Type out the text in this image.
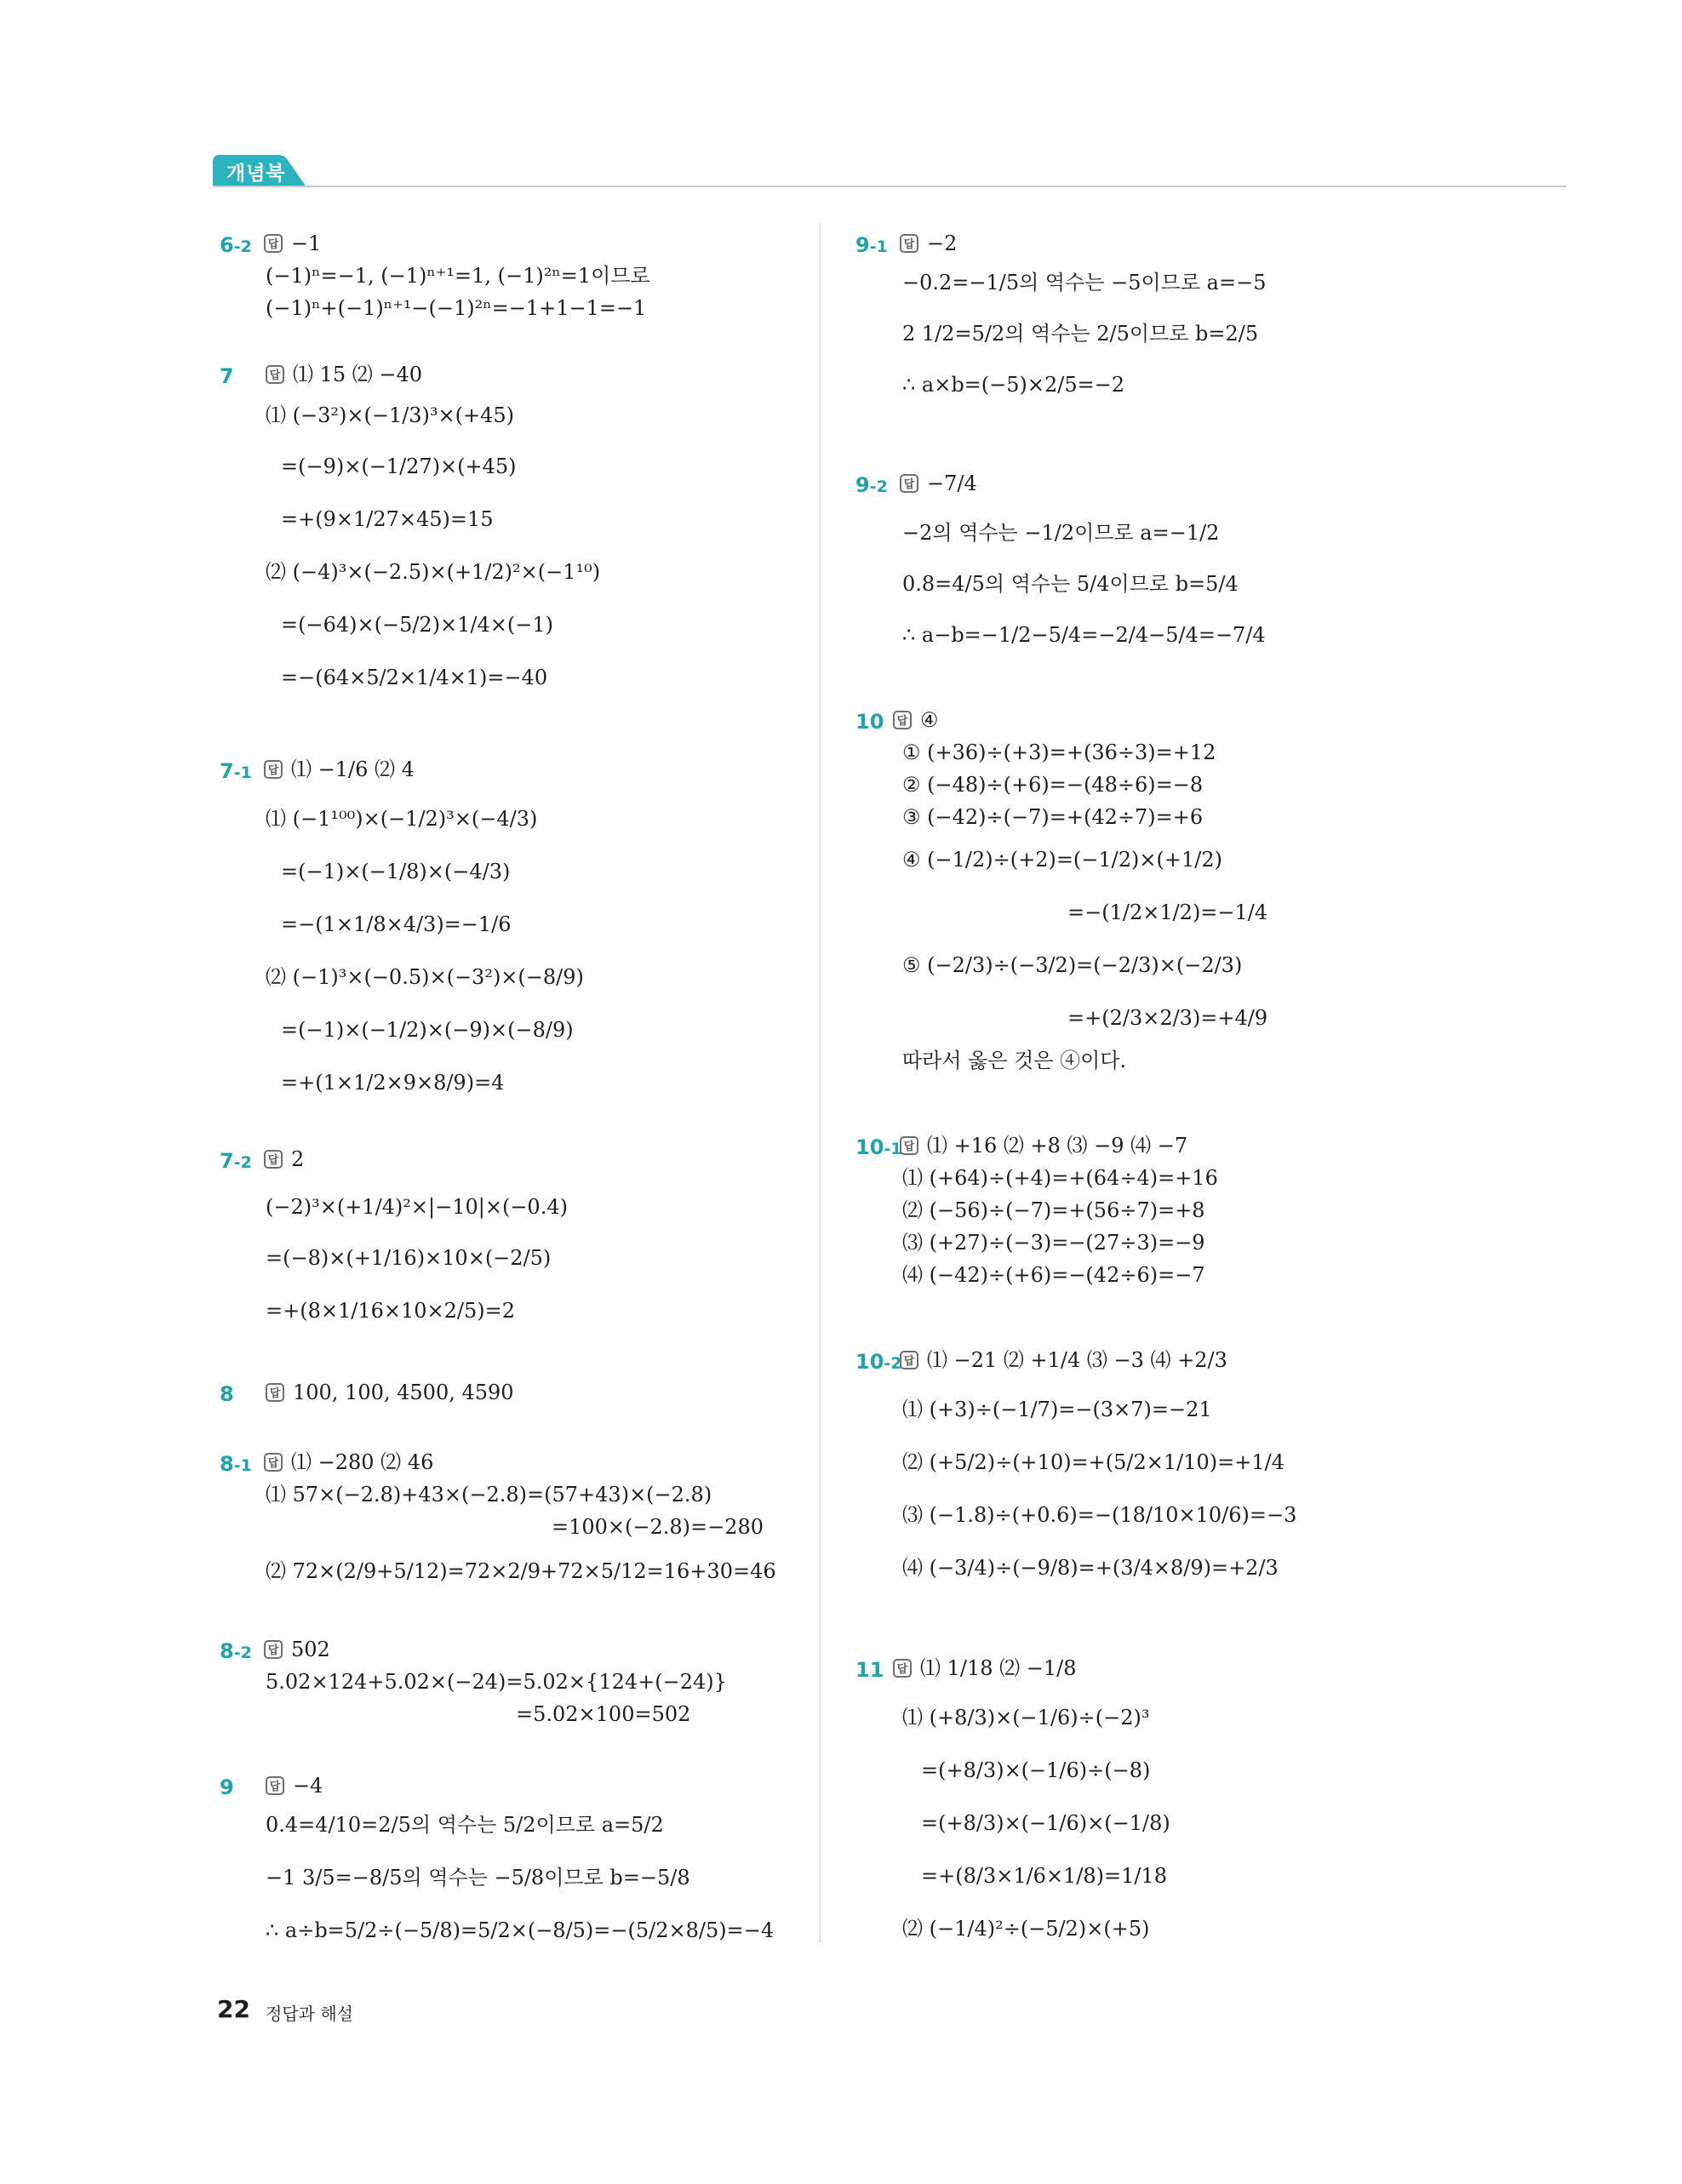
개념북
6-2	답 −1
(−1)ⁿ=−1, (−1)ⁿ⁺¹=1, (−1)²ⁿ=1이므로
(−1)ⁿ+(−1)ⁿ⁺¹−(−1)²ⁿ=−1+1−1=−1
7	답 ⑴ 15 ⑵ −40
⑴ (−3²)×(−1/3)³×(+45)
=(−9)×(−1/27)×(+45)
=+(9×1/27×45)=15
⑵ (−4)³×(−2.5)×(+1/2)²×(−1¹⁰)
=(−64)×(−5/2)×1/4×(−1)
=−(64×5/2×1/4×1)=−40
7-1	답 ⑴ −1/6 ⑵ 4
⑴ (−1¹⁰⁰)×(−1/2)³×(−4/3)
=(−1)×(−1/8)×(−4/3)
=−(1×1/8×4/3)=−1/6
⑵ (−1)³×(−0.5)×(−3²)×(−8/9)
=(−1)×(−1/2)×(−9)×(−8/9)
=+(1×1/2×9×8/9)=4
7-2	답 2
(−2)³×(+1/4)²×|−10|×(−0.4)
=(−8)×(+1/16)×10×(−2/5)
=+(8×1/16×10×2/5)=2
8	답 100, 100, 4500, 4590
8-1	답 ⑴ −280 ⑵ 46
⑴ 57×(−2.8)+43×(−2.8)=(57+43)×(−2.8)
=100×(−2.8)=−280
⑵ 72×(2/9+5/12)=72×2/9+72×5/12=16+30=46
8-2	답 502
5.02×124+5.02×(−24)=5.02×{124+(−24)}
=5.02×100=502
9	답 −4
0.4=4/10=2/5의 역수는 5/2이므로 a=5/2
−1 3/5=−8/5의 역수는 −5/8이므로 b=−5/8
∴ a÷b=5/2÷(−5/8)=5/2×(−8/5)=−(5/2×8/5)=−4
9-1	답 −2
−0.2=−1/5의 역수는 −5이므로 a=−5
2 1/2=5/2의 역수는 2/5이므로 b=2/5
∴ a×b=(−5)×2/5=−2
9-2	답 −7/4
−2의 역수는 −1/2이므로 a=−1/2
0.8=4/5의 역수는 5/4이므로 b=5/4
∴ a−b=−1/2−5/4=−2/4−5/4=−7/4
10	답 ④
① (+36)÷(+3)=+(36÷3)=+12
② (−48)÷(+6)=−(48÷6)=−8
③ (−42)÷(−7)=+(42÷7)=+6
④ (−1/2)÷(+2)=(−1/2)×(+1/2)
=−(1/2×1/2)=−1/4
⑤ (−2/3)÷(−3/2)=(−2/3)×(−2/3)
=+(2/3×2/3)=+4/9
따라서 옳은 것은 ④이다.
10-1 답 ⑴ +16 ⑵ +8 ⑶ −9 ⑷ −7
⑴ (+64)÷(+4)=+(64÷4)=+16
⑵ (−56)÷(−7)=+(56÷7)=+8
⑶ (+27)÷(−3)=−(27÷3)=−9
⑷ (−42)÷(+6)=−(42÷6)=−7
10-2 답 ⑴ −21 ⑵ +1/4 ⑶ −3 ⑷ +2/3
⑴ (+3)÷(−1/7)=−(3×7)=−21
⑵ (+5/2)÷(+10)=+(5/2×1/10)=+1/4
⑶ (−1.8)÷(+0.6)=−(18/10×10/6)=−3
⑷ (−3/4)÷(−9/8)=+(3/4×8/9)=+2/3
11	답 ⑴ 1/18 ⑵ −1/8
⑴ (+8/3)×(−1/6)÷(−2)³
=(+8/3)×(−1/6)÷(−8)
=(+8/3)×(−1/6)×(−1/8)
=+(8/3×1/6×1/8)=1/18
⑵ (−1/4)²÷(−5/2)×(+5)
22 정답과 해설
